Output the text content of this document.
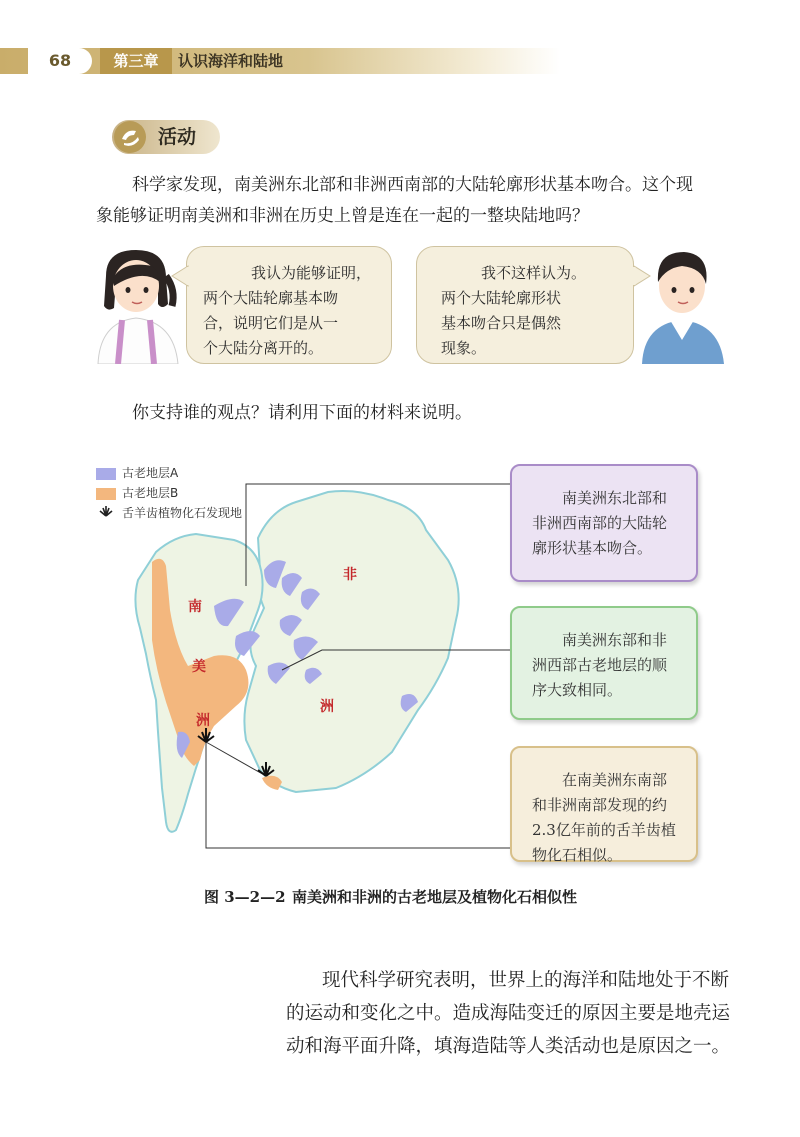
68	第三章	认识海洋和陆地
活动
科学家发现，南美洲东北部和非洲西南部的大陆轮廓形状基本吻合。这个现
象能够证明南美洲和非洲在历史上曾是连在一起的一整块陆地吗？
我认为能够证明，
两个大陆轮廓基本吻
合，说明它们是从一
个大陆分离开的。
我不这样认为。
两个大陆轮廓形状
基本吻合只是偶然
现象。
你支持谁的观点？请利用下面的材料来说明。
古老地层A
古老地层B
舌羊齿植物化石发现地
南
美
洲
非
洲
南美洲东北部和非洲西南部的大陆轮廓形状基本吻合。
南美洲东部和非洲西部古老地层的顺序大致相同。
在南美洲东南部和非洲南部发现的约2.3亿年前的舌羊齿植物化石相似。
图 3—2—2 南美洲和非洲的古老地层及植物化石相似性
现代科学研究表明，世界上的海洋和陆地处于不断
的运动和变化之中。造成海陆变迁的原因主要是地壳运
动和海平面升降，填海造陆等人类活动也是原因之一。
